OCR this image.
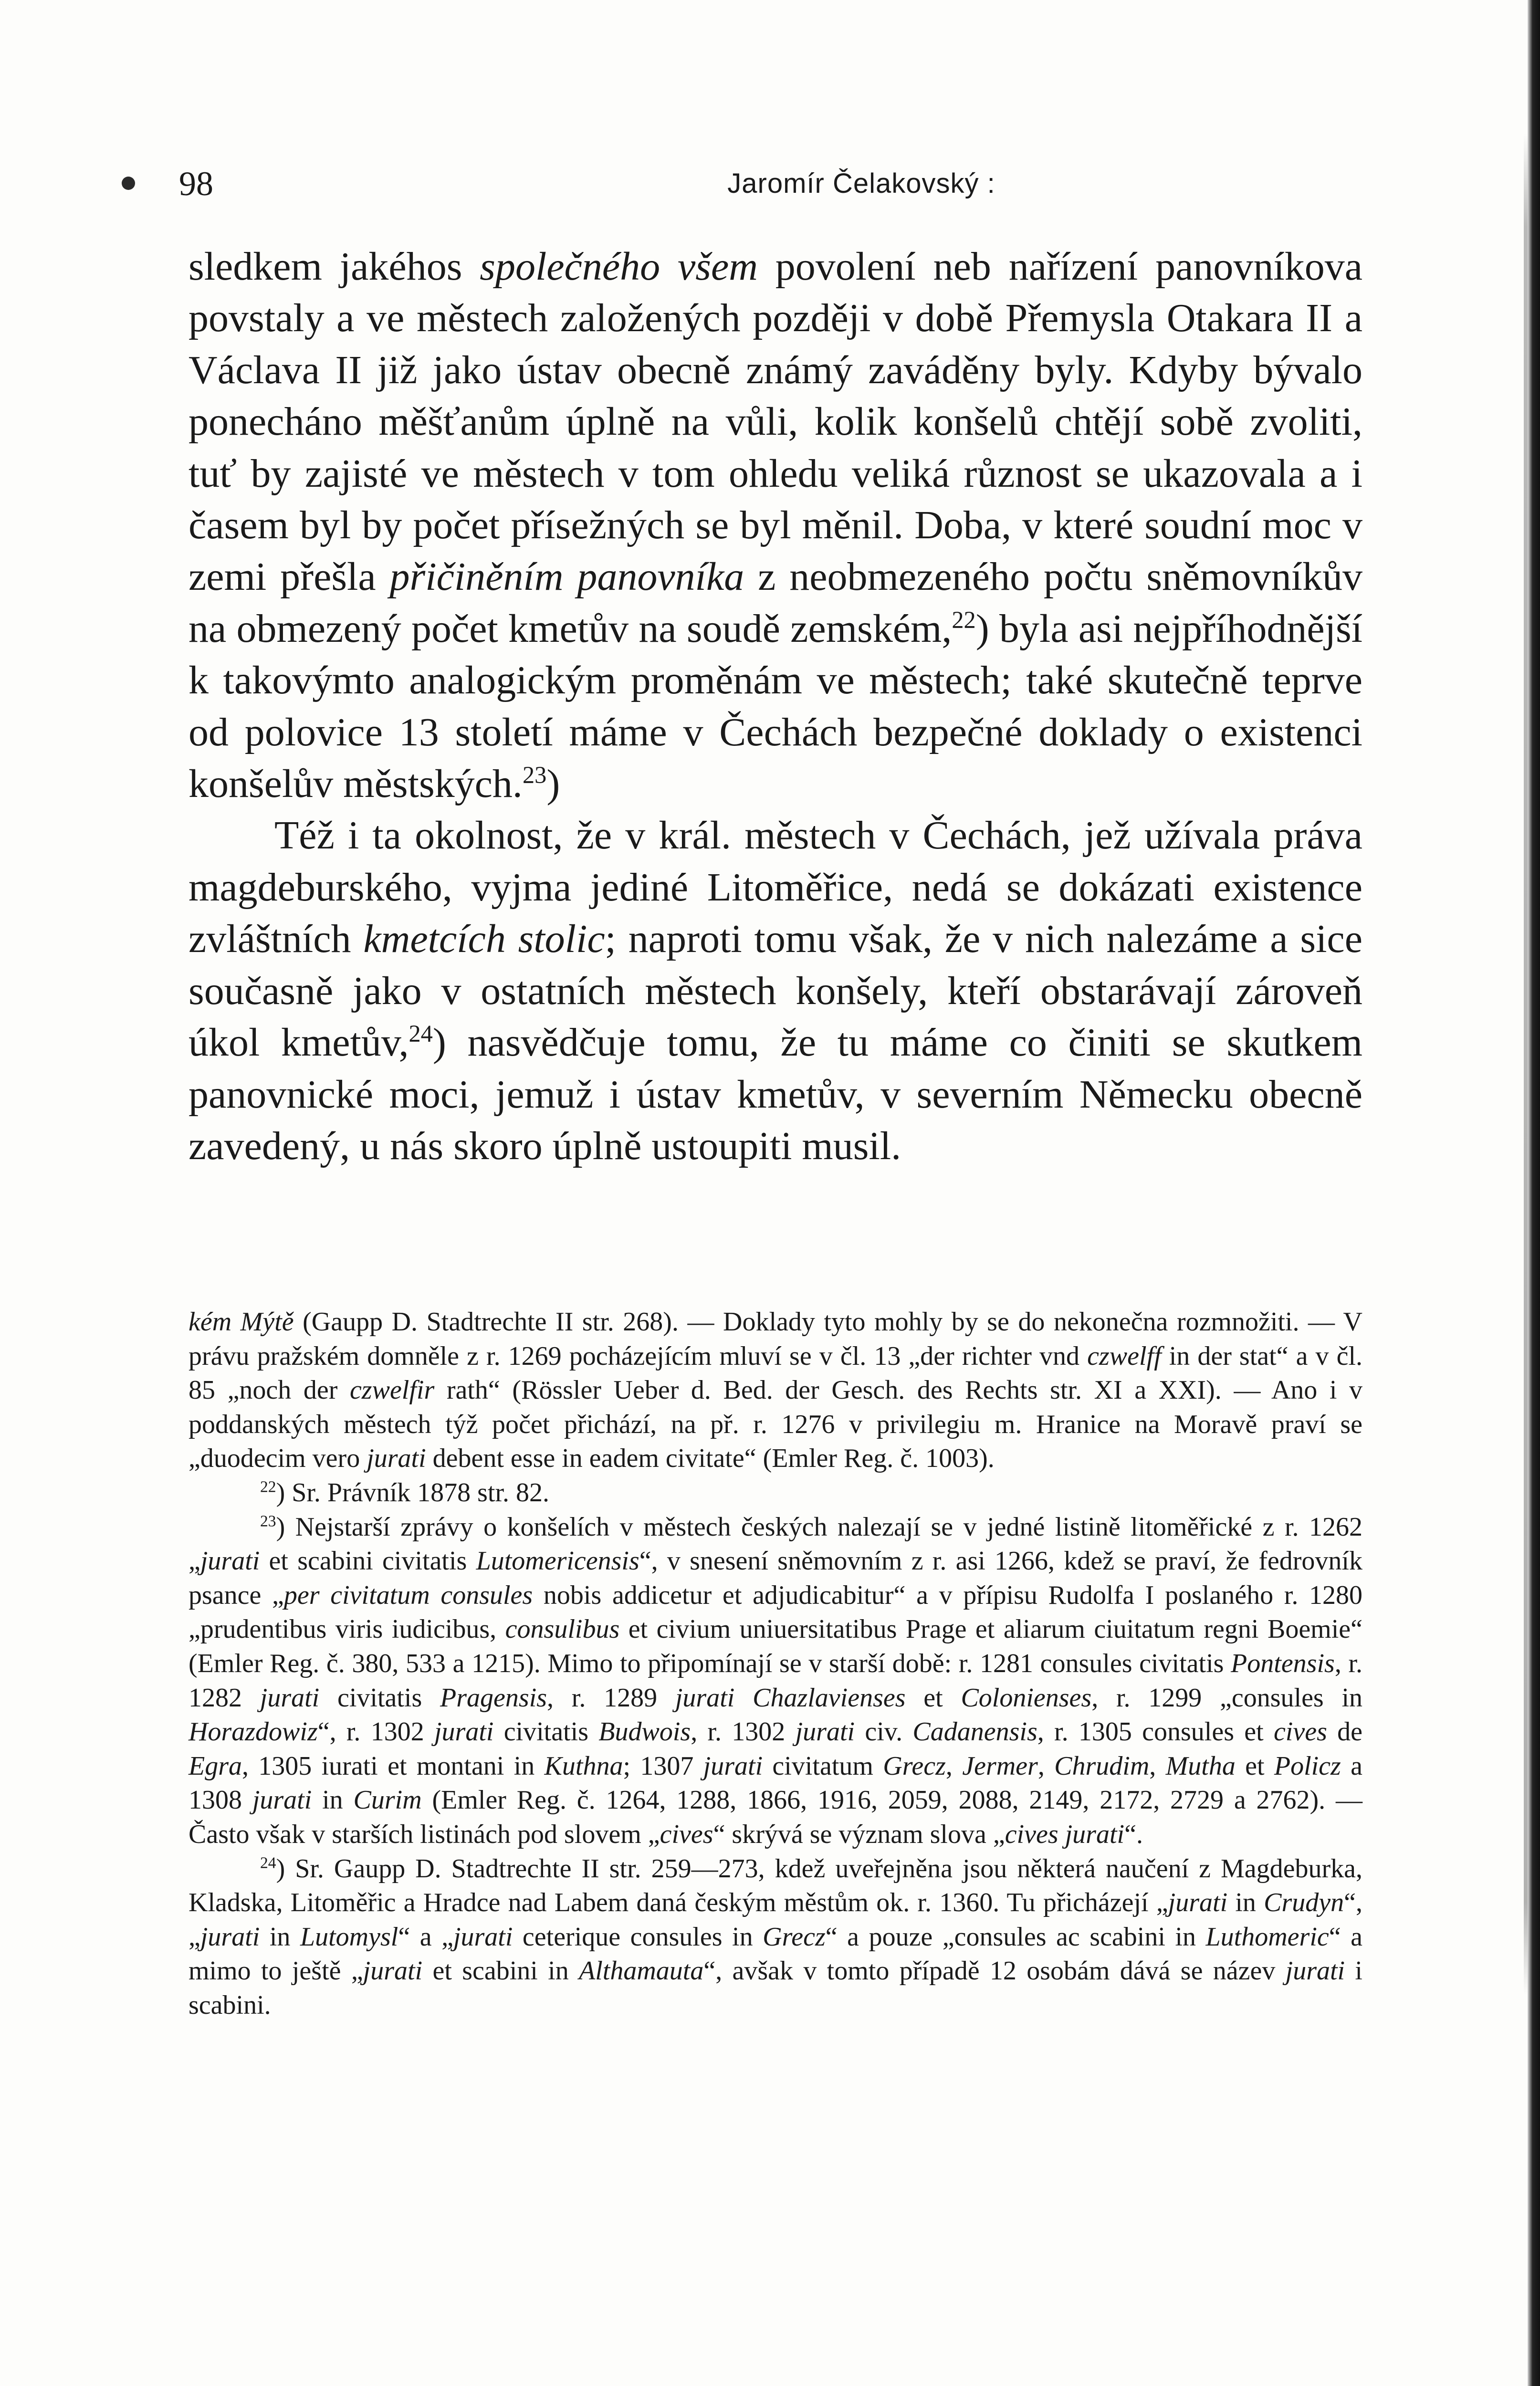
98	Jaromír Čelakovský :

sledkem jakéhos společného všem povolení neb nařízení panovníkova povstaly a ve městech založených později v době Přemysla Otakara II a Václava II již jako ústav obecně známý zaváděny byly. Kdyby bývalo ponecháno měšťanům úplně na vůli, kolik konšelů chtějí sobě zvoliti, tuť by zajisté ve městech v tom ohledu veliká různost se ukazovala a i časem byl by počet přísežných se byl měnil. Doba, v které soudní moc v zemi přešla přičiněním panovníka z neobmezeného počtu sněmovníkův na obmezený počet kmetův na soudě zemském,$^{22}$) byla asi nejpříhodnější k takovýmto analogickým proměnám ve městech; také skutečně teprve od polovice 13 století máme v Čechách bezpečné doklady o existenci konšelův městských.$^{23}$)

Též i ta okolnost, že v král. městech v Čechách, jež užívala práva magdeburského, vyjma jediné Litoměřice, nedá se dokázati existence zvláštních kmetcích stolic; naproti tomu však, že v nich nalezáme a sice současně jako v ostatních městech konšely, kteří obstarávají zároveň úkol kmetův,$^{24}$) nasvědčuje tomu, že tu máme co činiti se skutkem panovnické moci, jemuž i ústav kmetův, v severním Německu obecně zavedený, u nás skoro úplně ustoupiti musil.

kém Mýtě (Gaupp D. Stadtrechte II str. 268). — Doklady tyto mohly by se do nekonečna rozmnožiti. — V právu pražském domněle z r. 1269 pocházejícím mluví se v čl. 13 „der richter vnd czwelff in der stat“ a v čl. 85 „noch der czwelfir rath“ (Rössler Ueber d. Bed. der Gesch. des Rechts str. XI a XXI). — Ano i v poddanských městech týž počet přichází, na př. r. 1276 v privilegiu m. Hranice na Moravě praví se „duodecim vero jurati debent esse in eadem civitate“ (Emler Reg. č. 1003).

$^{22}$) Sr. Právník 1878 str. 82.

$^{23}$) Nejstarší zprávy o konšelích v městech českých nalezají se v jedné listině litoměřické z r. 1262 „jurati et scabini civitatis Lutomericensis“, v snesení sněmovním z r. asi 1266, kdež se praví, že fedrovník psance „per civitatum consules nobis addicetur et adjudicabitur“ a v přípisu Rudolfa I poslaného r. 1280 „prudentibus viris iudicibus, consulibus et civium uniuersitatibus Prage et aliarum ciuitatum regni Boemie“ (Emler Reg. č. 380, 533 a 1215). Mimo to připomínají se v starší době: r. 1281 consules civitatis Pontensis, r. 1282 jurati civitatis Pragensis, r. 1289 jurati Chazlavienses et Colonienses, r. 1299 „consules in Horazdowiz“, r. 1302 jurati civitatis Budwois, r. 1302 jurati civ. Cadanensis, r. 1305 consules et cives de Egra, 1305 iurati et montani in Kuthna; 1307 jurati civitatum Grecz, Jermer, Chrudim, Mutha et Policz a 1308 jurati in Curim (Emler Reg. č. 1264, 1288, 1866, 1916, 2059, 2088, 2149, 2172, 2729 a 2762). — Často však v starších listinách pod slovem „cives“ skrývá se význam slova „cives jurati“.

$^{24}$) Sr. Gaupp D. Stadtrechte II str. 259—273, kdež uveřejněna jsou některá naučení z Magdeburka, Kladska, Litoměřic a Hradce nad Labem daná českým městům ok. r. 1360. Tu přicházejí „jurati in Crudyn“, „jurati in Lutomysl“ a „jurati ceterique consules in Grecz“ a pouze „consules ac scabini in Luthomeric“ a mimo to ještě „jurati et scabini in Althamauta“, avšak v tomto případě 12 osobám dává se název jurati i scabini.
